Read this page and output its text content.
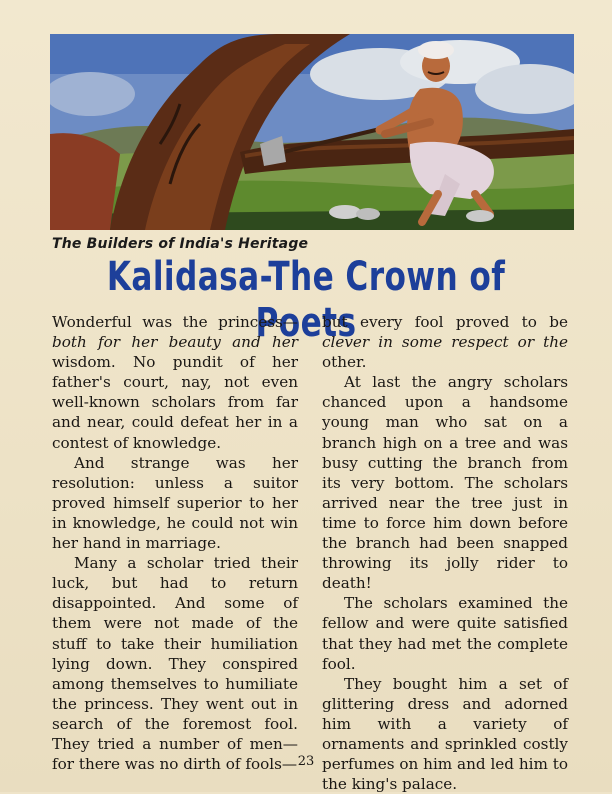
The Builders of India's Heritage
Kalidasa-The Crown of Poets

Wonderful was the princess— both for her beauty and her wisdom. No pundit of her father's court, nay, not even well-known scholars from far and near, could defeat her in a contest of knowledge.

And strange was her resolution: unless a suitor proved himself superior to her in knowledge, he could not win her hand in marriage.

Many a scholar tried their luck, but had to return disappointed. And some of them were not made of the stuff to take their humiliation lying down. They conspired among themselves to humiliate the princess. They went out in search of the foremost fool. They tried a number of men—for there was no dirth of fools—

but every fool proved to be clever in some respect or the other.

At last the angry scholars chanced upon a handsome young man who sat on a branch high on a tree and was busy cutting the branch from its very bottom. The scholars arrived near the tree just in time to force him down before the branch had been snapped throwing its jolly rider to death!

The scholars examined the fellow and were quite satisfied that they had met the complete fool.

They bought him a set of glittering dress and adorned him with a variety of ornaments and sprinkled costly perfumes on him and led him to the king's palace.

23
